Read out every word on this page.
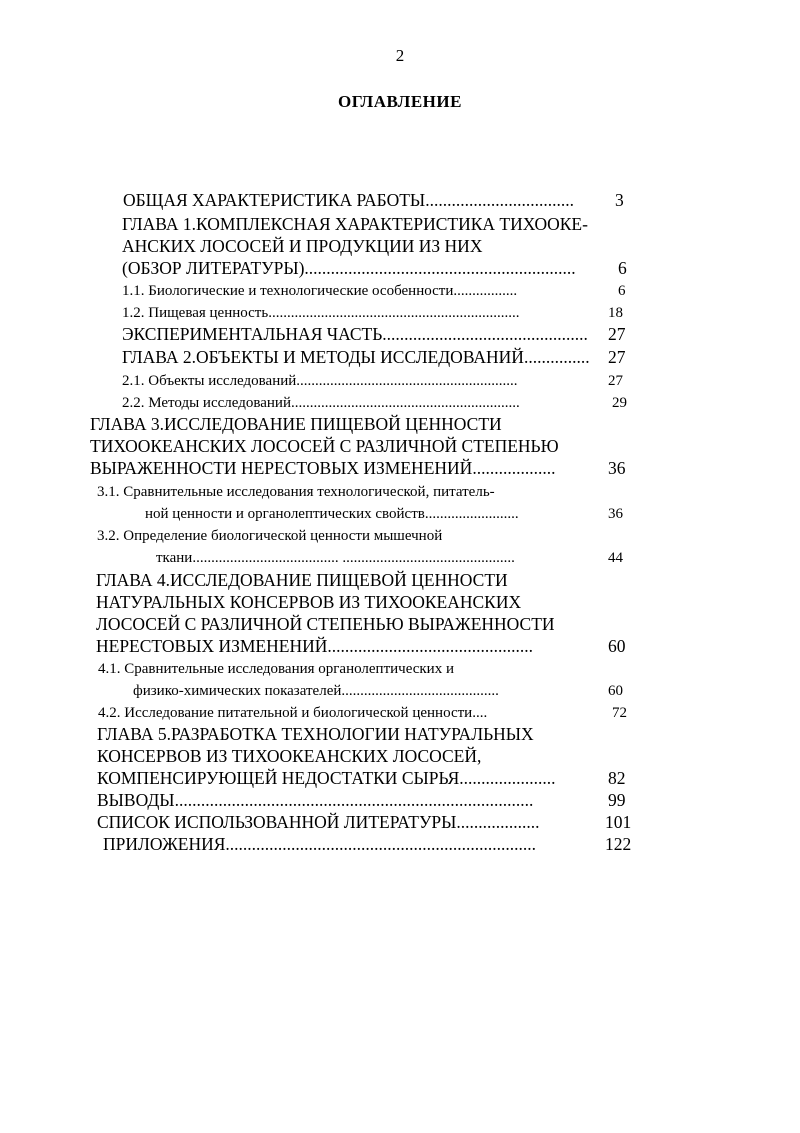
2
ОГЛАВЛЕНИЕ
ОБЩАЯ ХАРАКТЕРИСТИКА РАБОТЫ.................................. 3
ГЛАВА 1.КОМПЛЕКСНАЯ ХАРАКТЕРИСТИКА ТИХООКЕ-
АНСКИХ ЛОСОСЕЙ И ПРОДУКЦИИ ИЗ НИХ
(ОБЗОР ЛИТЕРАТУРЫ).............................................................. 6
1.1. Биологические и технологические особенности.................	6
1.2. Пищевая ценность...................................................................	18
ЭКСПЕРИМЕНТАЛЬНАЯ ЧАСТЬ............................................... 27
ГЛАВА 2.ОБЪЕКТЫ И МЕТОДЫ ИССЛЕДОВАНИЙ............... 27
2.1. Объекты исследований...........................................................	27
2.2. Методы исследований.............................................................	29
ГЛАВА 3.ИССЛЕДОВАНИЕ ПИЩЕВОЙ ЦЕННОСТИ
ТИХООКЕАНСКИХ ЛОСОСЕЙ С РАЗЛИЧНОЙ СТЕПЕНЬЮ
ВЫРАЖЕННОСТИ НЕРЕСТОВЫХ ИЗМЕНЕНИЙ...................	36
3.1. Сравнительные исследования технологической, питатель-
ной ценности и органолептических свойств.........................	36
3.2. Определение биологической ценности мышечной
ткани....................................... ..............................................	44
ГЛАВА 4.ИССЛЕДОВАНИЕ ПИЩЕВОЙ ЦЕННОСТИ
НАТУРАЛЬНЫХ КОНСЕРВОВ ИЗ ТИХООКЕАНСКИХ
ЛОСОСЕЙ С РАЗЛИЧНОЙ СТЕПЕНЬЮ ВЫРАЖЕННОСТИ
НЕРЕСТОВЫХ ИЗМЕНЕНИЙ...............................................	60
4.1. Сравнительные исследования органолептических и
физико-химических показателей..........................................	60
4.2. Исследование питательной и биологической ценности....	72
ГЛАВА 5.РАЗРАБОТКА ТЕХНОЛОГИИ НАТУРАЛЬНЫХ
КОНСЕРВОВ ИЗ ТИХООКЕАНСКИХ ЛОСОСЕЙ,
КОМПЕНСИРУЮЩЕЙ НЕДОСТАТКИ СЫРЬЯ......................	82
ВЫВОДЫ..................................................................................	99
СПИСОК ИСПОЛЬЗОВАННОЙ ЛИТЕРАТУРЫ...................	101
ПРИЛОЖЕНИЯ.......................................................................	122
